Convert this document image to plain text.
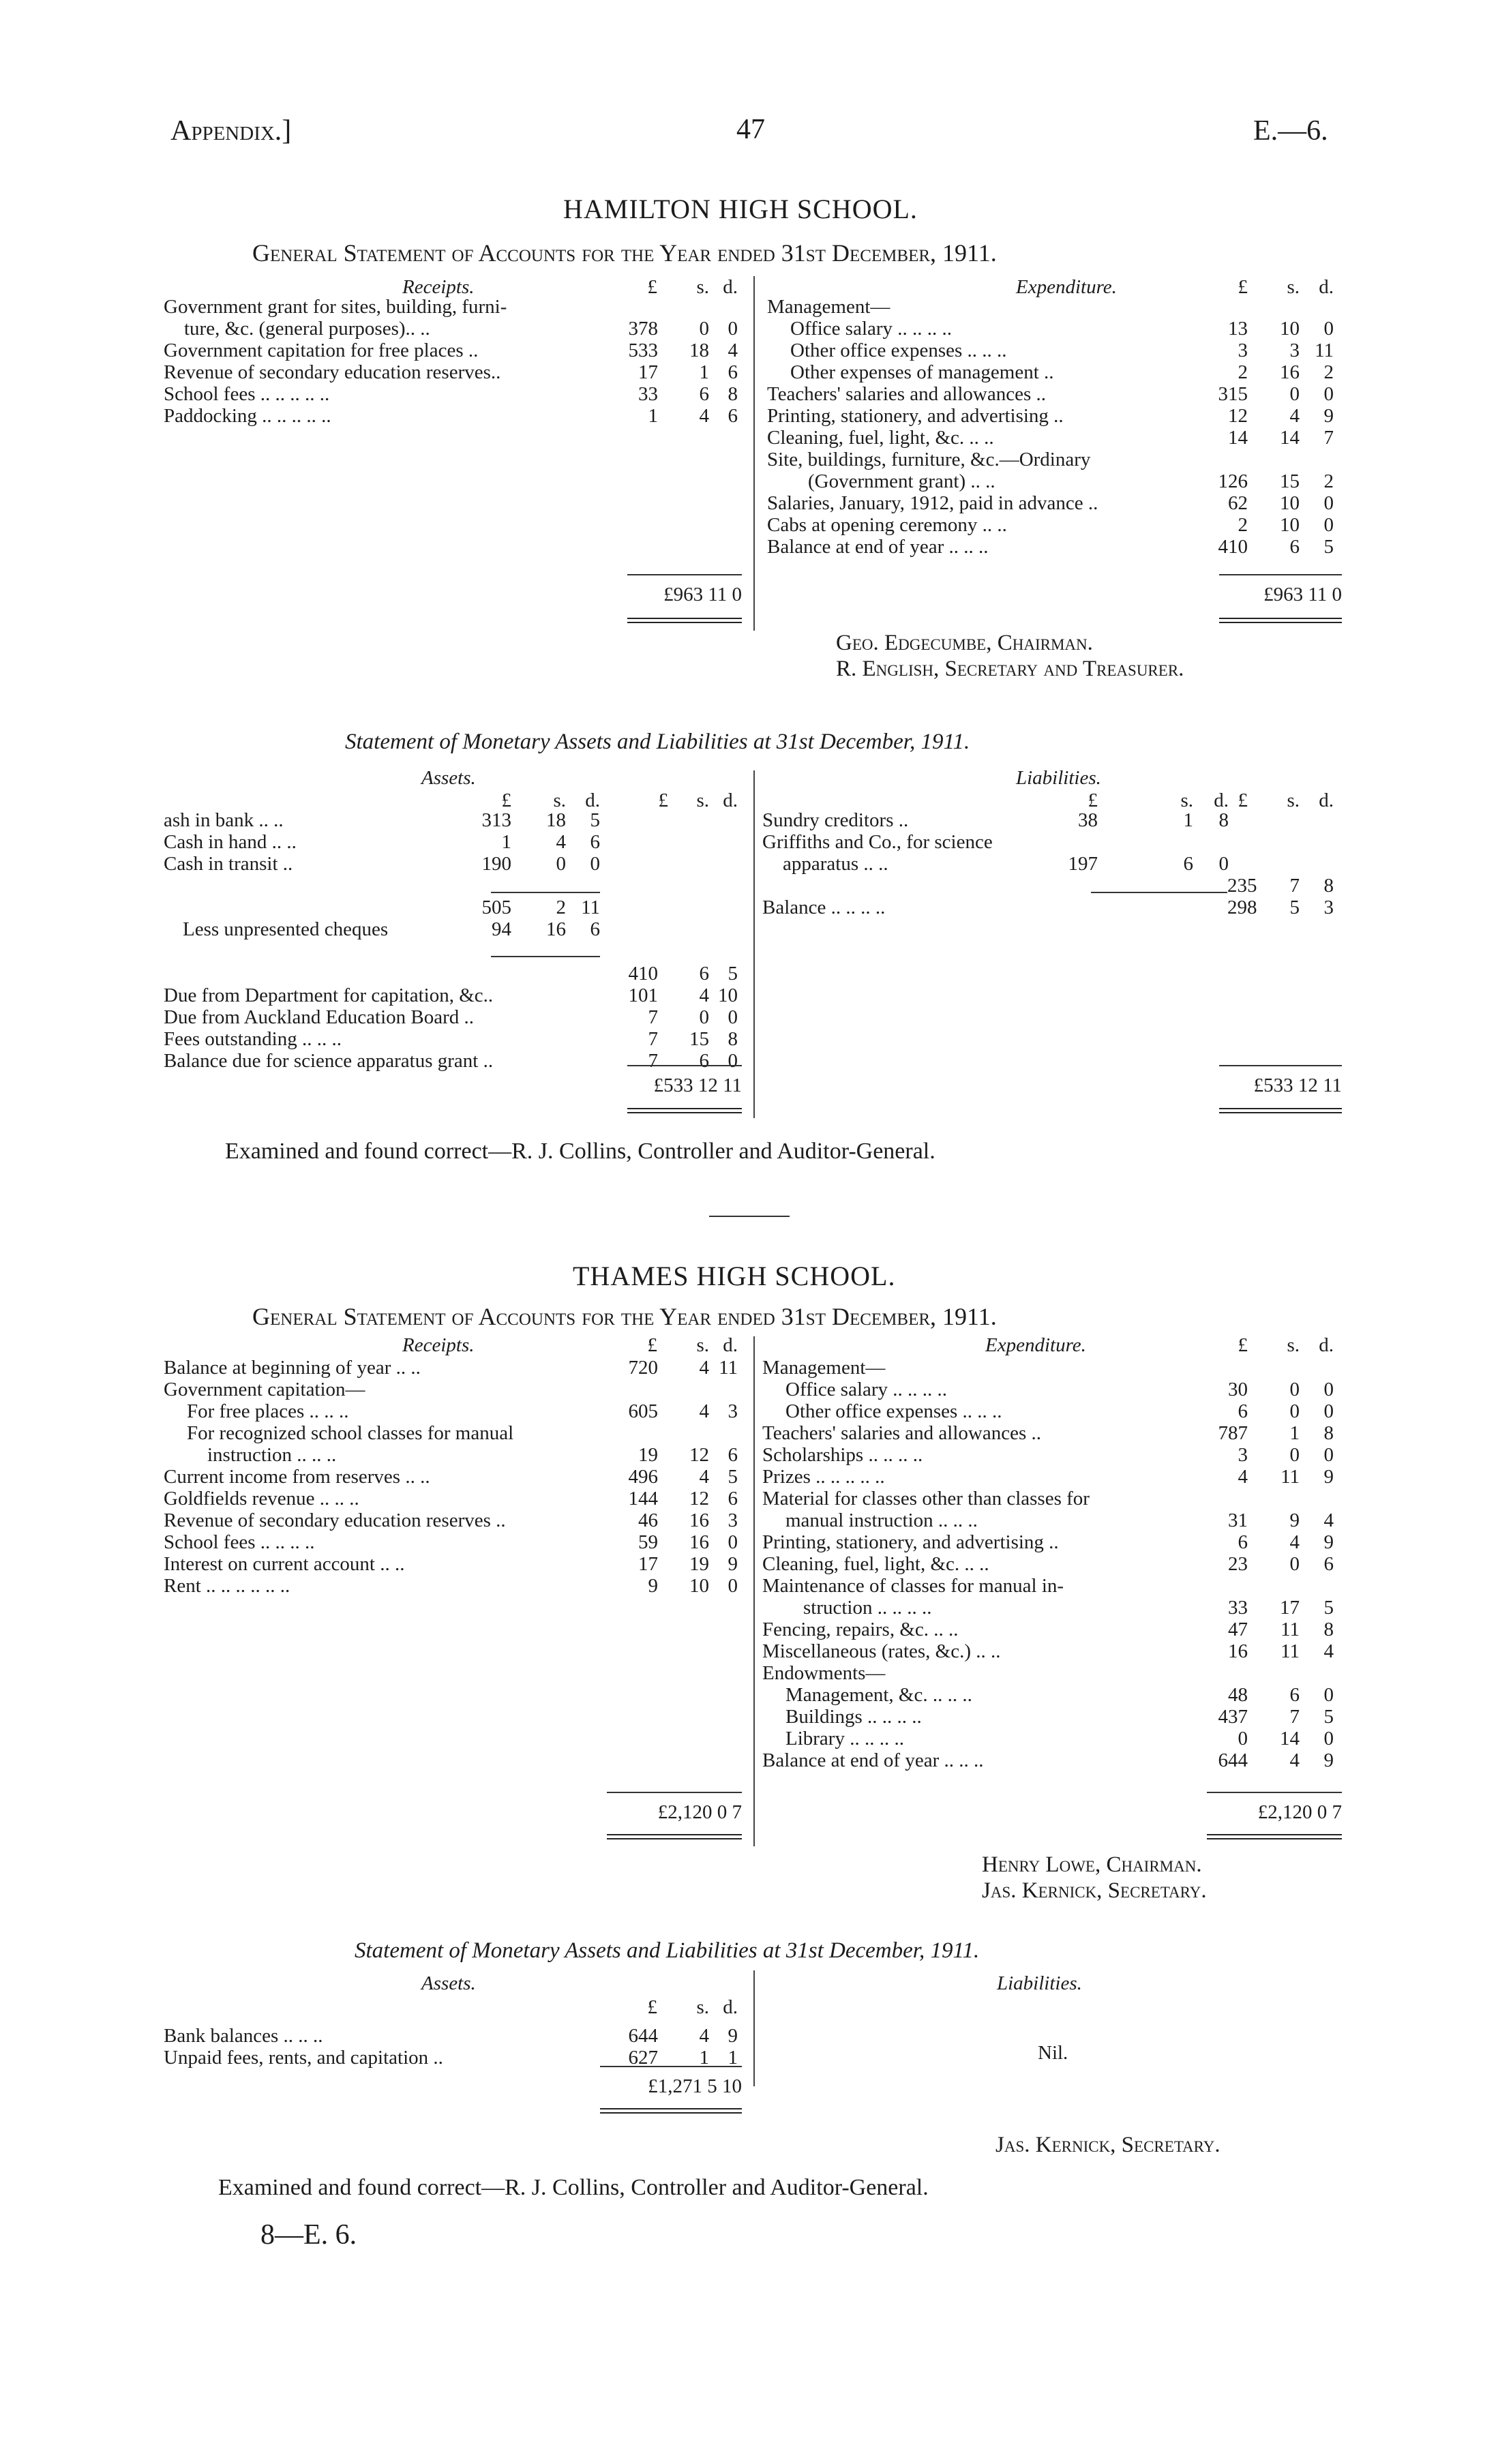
Appendix.]	47	E.—6.
HAMILTON HIGH SCHOOL.
General Statement of Accounts for the Year ended 31st December, 1911.
Receipts.	£	s. d.	Expenditure.	£	s. d.
Government grant for sites, building, furni-
ture, &c. (general purposes).. ..	378	0 0
Government capitation for free places ..	533	18 4
Revenue of secondary education reserves..	17	1 6
School fees .. .. .. .. ..	33	6 8
Paddocking .. .. .. .. ..	1	4 6
Management—
Office salary .. .. .. ..	13	10	0
Other office expenses .. .. ..	3	3 11
Other expenses of management ..	2	16	2
Teachers' salaries and allowances ..	315	0	0
Printing, stationery, and advertising ..	12	4	9
Cleaning, fuel, light, &c. .. ..	14	14	7
Site, buildings, furniture, &c.—Ordinary
(Government grant) .. ..	126	15	2
Salaries, January, 1912, paid in advance ..	62	10	0
Cabs at opening ceremony .. ..	2	10	0
Balance at end of year .. .. ..	410	6	5
£963 11 0	£963 11 0
Geo. Edgecumbe, Chairman.
R. English, Secretary and Treasurer.
Statement of Monetary Assets and Liabilities at 31st December, 1911.
Assets.	Liabilities.
£	s. d.	£	s. d.	£	s.	d. £	s. d.
ash in bank .. ..	313	18	5
Cash in hand .. ..	1	4	6
Cash in transit ..	190	0	0
505	2 11
Less unpresented cheques	94	16	6
410	6 5
Due from Department for capitation, &c..	101	4 10
Due from Auckland Education Board ..	7	0 0
Fees outstanding .. .. ..	7	15 8
Balance due for science apparatus grant ..	7	6 0
£533 12 11
Sundry creditors ..	38	1	8
Griffiths and Co., for science
apparatus .. ..	197	6	0
235	7	8
Balance .. .. .. ..	298	5	3
£533 12 11
Examined and found correct—R. J. Collins, Controller and Auditor-General.
THAMES HIGH SCHOOL.
General Statement of Accounts for the Year ended 31st December, 1911.
Receipts.	£	s. d.	Expenditure.	£	s. d.
Balance at beginning of year .. ..	720	4 11
Government capitation—
For free places .. .. ..	605	4 3
For recognized school classes for manual
instruction .. .. ..	19	12 6
Current income from reserves .. ..	496	4 5
Goldfields revenue .. .. ..	144	12 6
Revenue of secondary education reserves ..	46	16 3
School fees .. .. .. ..	59	16 0
Interest on current account .. ..	17	19 9
Rent .. .. .. .. .. ..	9	10 0
Management—
Office salary .. .. .. ..	30	0	0
Other office expenses .. .. ..	6	0	0
Teachers' salaries and allowances ..	787	1	8
Scholarships .. .. .. ..	3	0	0
Prizes .. .. .. .. ..	4	11	9
Material for classes other than classes for
manual instruction .. .. ..	31	9	4
Printing, stationery, and advertising ..	6	4	9
Cleaning, fuel, light, &c. .. ..	23	0	6
Maintenance of classes for manual in-
struction .. .. .. ..	33	17	5
Fencing, repairs, &c. .. ..	47	11	8
Miscellaneous (rates, &c.) .. ..	16	11	4
Endowments—
Management, &c. .. .. ..	48	6	0
Buildings .. .. .. ..	437	7	5
Library .. .. .. ..	0	14	0
Balance at end of year .. .. ..	644	4	9
£2,120 0 7	£2,120 0 7
Henry Lowe, Chairman.
Jas. Kernick, Secretary.
Statement of Monetary Assets and Liabilities at 31st December, 1911.
Assets.	Liabilities.
£	s. d.
Bank balances .. .. ..	644	4 9
Unpaid fees, rents, and capitation ..	627	1 1
£1,271 5 10
Nil.
Jas. Kernick, Secretary.
Examined and found correct—R. J. Collins, Controller and Auditor-General.
8—E. 6.
